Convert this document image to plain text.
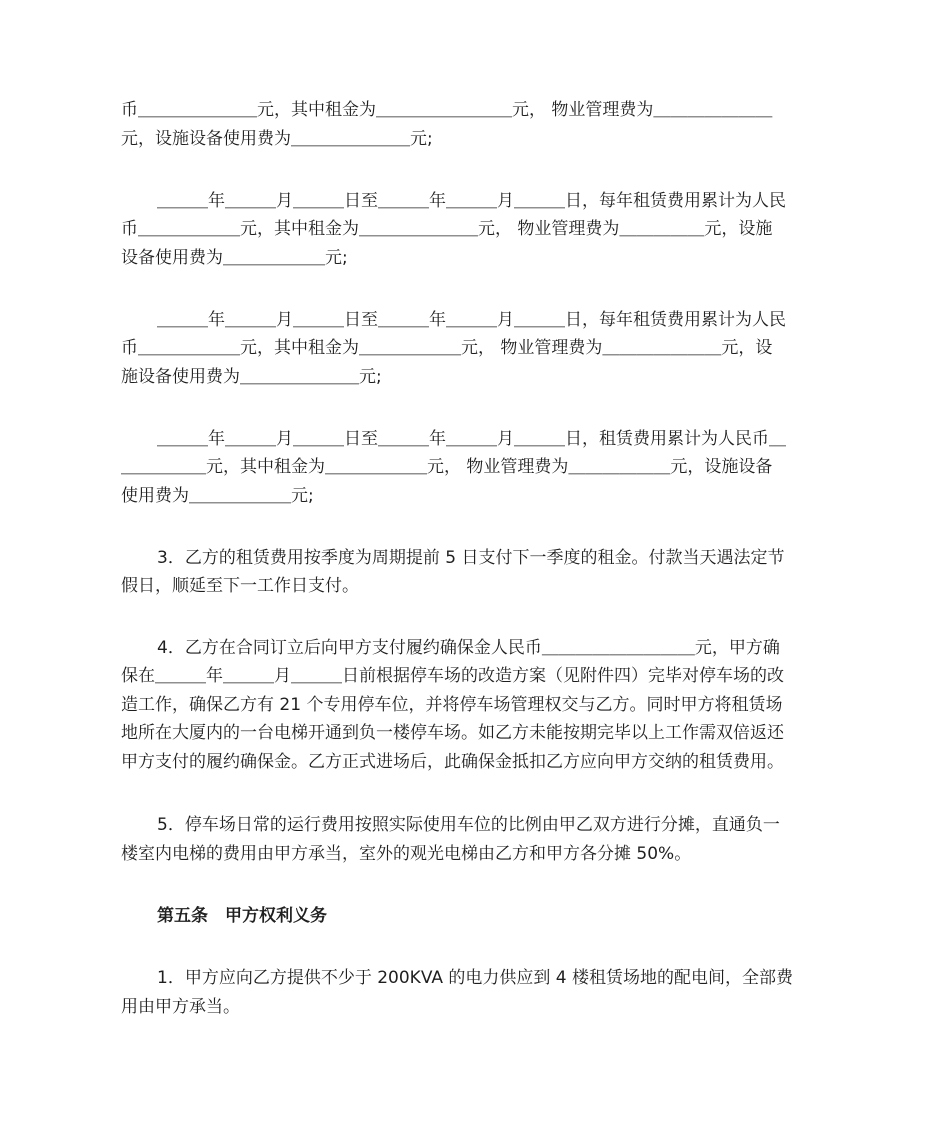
币＿＿＿＿＿＿＿元，其中租金为＿＿＿＿＿＿＿＿元， 物业管理费为＿＿＿＿＿＿＿
元，设施设备使用费为＿＿＿＿＿＿＿元;
＿＿＿年＿＿＿月＿＿＿日至＿＿＿年＿＿＿月＿＿＿日，每年租赁费用累计为人民
币＿＿＿＿＿＿元，其中租金为＿＿＿＿＿＿＿元， 物业管理费为＿＿＿＿＿元，设施
设备使用费为＿＿＿＿＿＿元;
＿＿＿年＿＿＿月＿＿＿日至＿＿＿年＿＿＿月＿＿＿日，每年租赁费用累计为人民
币＿＿＿＿＿＿元，其中租金为＿＿＿＿＿＿元， 物业管理费为＿＿＿＿＿＿＿元，设
施设备使用费为＿＿＿＿＿＿＿元;
＿＿＿年＿＿＿月＿＿＿日至＿＿＿年＿＿＿月＿＿＿日，租赁费用累计为人民币＿
＿＿＿＿＿元，其中租金为＿＿＿＿＿＿元， 物业管理费为＿＿＿＿＿＿元，设施设备
使用费为＿＿＿＿＿＿元;
3．乙方的租赁费用按季度为周期提前 5 日支付下一季度的租金。付款当天遇法定节
假日，顺延至下一工作日支付。
4．乙方在合同订立后向甲方支付履约确保金人民币＿＿＿＿＿＿＿＿＿元，甲方确
保在＿＿＿年＿＿＿月＿＿＿日前根据停车场的改造方案（见附件四）完毕对停车场的改
造工作，确保乙方有 21 个专用停车位，并将停车场管理权交与乙方。同时甲方将租赁场
地所在大厦内的一台电梯开通到负一楼停车场。如乙方未能按期完毕以上工作需双倍返还
甲方支付的履约确保金。乙方正式进场后，此确保金抵扣乙方应向甲方交纳的租赁费用。
5．停车场日常的运行费用按照实际使用车位的比例由甲乙双方进行分摊，直通负一
楼室内电梯的费用由甲方承当，室外的观光电梯由乙方和甲方各分摊 50%。
第五条　甲方权利义务
1．甲方应向乙方提供不少于 200KVA 的电力供应到 4 楼租赁场地的配电间，全部费
用由甲方承当。
